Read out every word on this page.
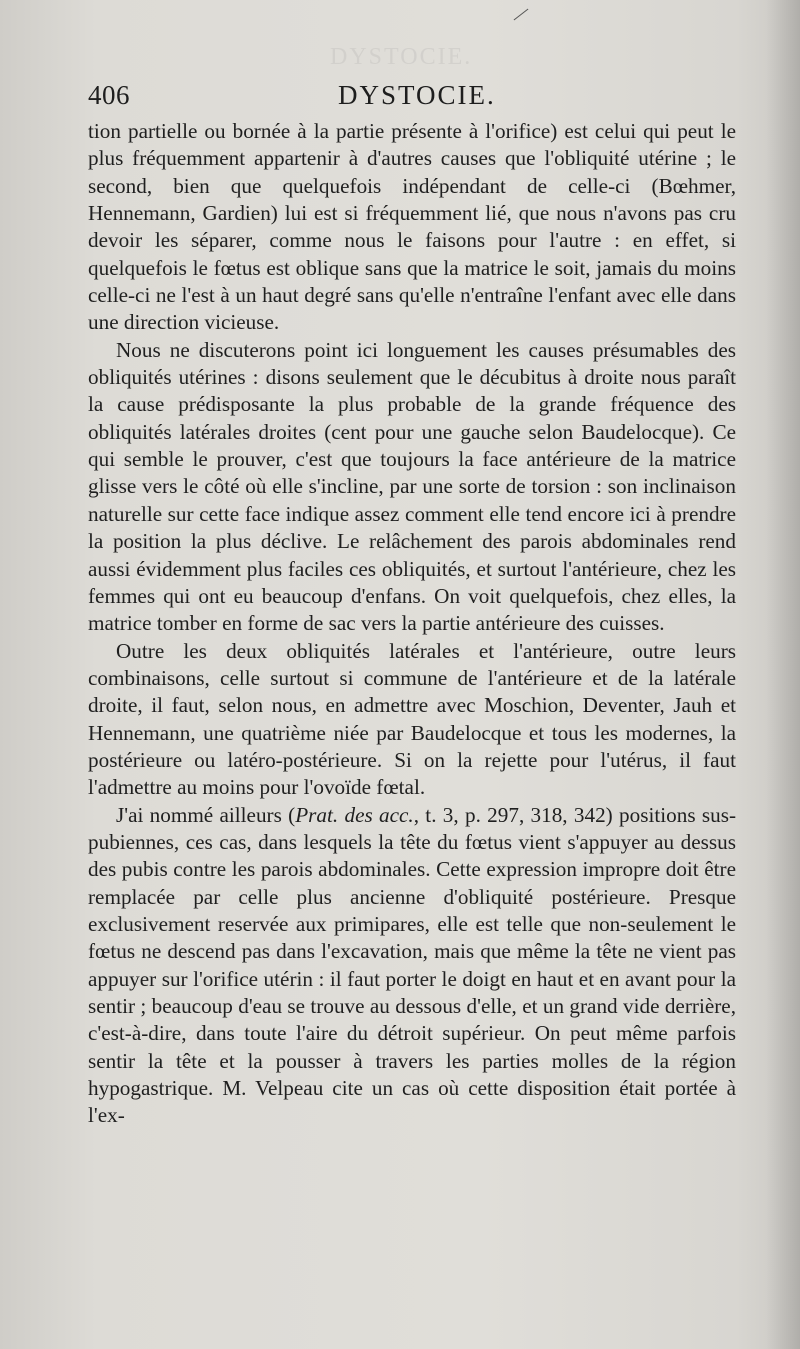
DYSTOCIE.
406	DYSTOCIE.

tion partielle ou bornée à la partie présente à l'orifice) est celui qui peut le plus fréquemment appartenir à d'autres causes que l'obliquité utérine ; le second, bien que quelquefois indépendant de celle-ci (Bœhmer, Hennemann, Gardien) lui est si fréquemment lié, que nous n'avons pas cru devoir les séparer, comme nous le faisons pour l'autre : en effet, si quelquefois le fœtus est oblique sans que la matrice le soit, jamais du moins celle-ci ne l'est à un haut degré sans qu'elle n'entraîne l'enfant avec elle dans une direction vicieuse.

Nous ne discuterons point ici longuement les causes présumables des obliquités utérines : disons seulement que le décubitus à droite nous paraît la cause prédisposante la plus probable de la grande fréquence des obliquités latérales droites (cent pour une gauche selon Baudelocque). Ce qui semble le prouver, c'est que toujours la face antérieure de la matrice glisse vers le côté où elle s'incline, par une sorte de torsion : son inclinaison naturelle sur cette face indique assez comment elle tend encore ici à prendre la position la plus déclive. Le relâchement des parois abdominales rend aussi évidemment plus faciles ces obliquités, et surtout l'antérieure, chez les femmes qui ont eu beaucoup d'enfans. On voit quelquefois, chez elles, la matrice tomber en forme de sac vers la partie antérieure des cuisses.

Outre les deux obliquités latérales et l'antérieure, outre leurs combinaisons, celle surtout si commune de l'antérieure et de la latérale droite, il faut, selon nous, en admettre avec Moschion, Deventer, Jauh et Hennemann, une quatrième niée par Baudelocque et tous les modernes, la postérieure ou latéro-postérieure. Si on la rejette pour l'utérus, il faut l'admettre au moins pour l'ovoïde fœtal.

J'ai nommé ailleurs (Prat. des acc., t. 3, p. 297, 318, 342) positions sus-pubiennes, ces cas, dans lesquels la tête du fœtus vient s'appuyer au dessus des pubis contre les parois abdominales. Cette expression impropre doit être remplacée par celle plus ancienne d'obliquité postérieure. Presque exclusivement reservée aux primipares, elle est telle que non-seulement le fœtus ne descend pas dans l'excavation, mais que même la tête ne vient pas appuyer sur l'orifice utérin : il faut porter le doigt en haut et en avant pour la sentir ; beaucoup d'eau se trouve au dessous d'elle, et un grand vide derrière, c'est-à-dire, dans toute l'aire du détroit supérieur. On peut même parfois sentir la tête et la pousser à travers les parties molles de la région hypogastrique. M. Velpeau cite un cas où cette disposition était portée à l'ex-
